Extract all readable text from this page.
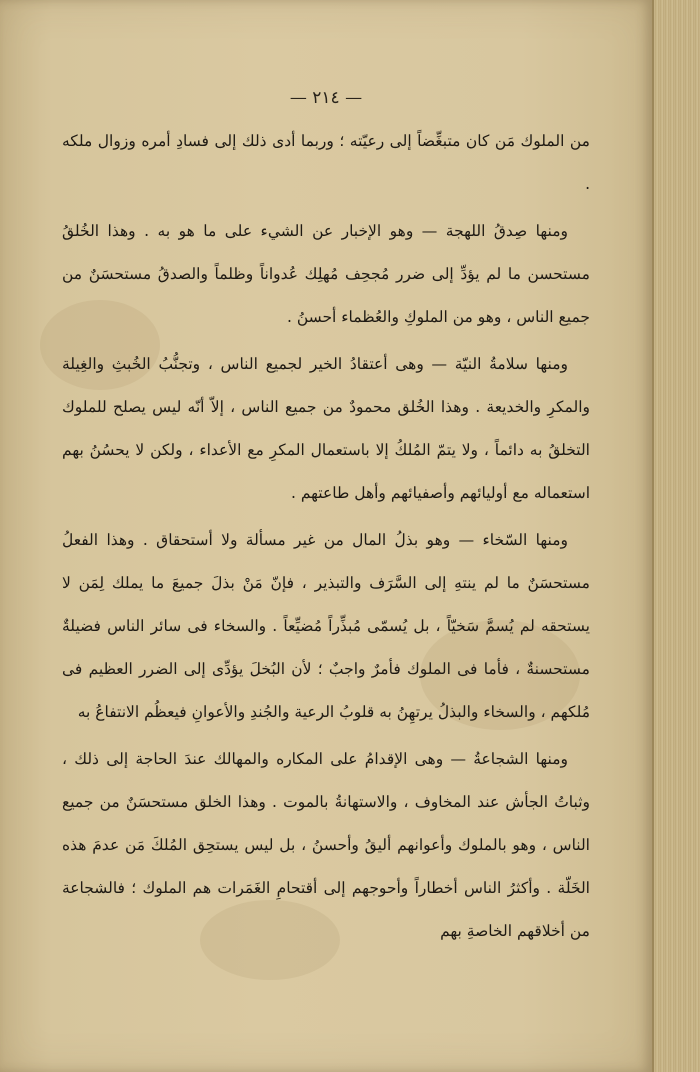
— ٢١٤ —

من الملوك مَن كان متبغِّضاً إلى رعيّته ؛ وربما أدى ذلك إلى فسادِ أمره وزوال ملكه .

ومنها صِدقُ اللهجة — وهو الإخبار عن الشيء على ما هو به . وهذا الخُلقُ مستحسن ما لم يؤدِّ إلى ضرر مُجحِف مُهلِك عُدواناً وظلماً والصدقُ مستحسَنٌ من جميع الناس ، وهو من الملوكِ والعُظماء أحسنُ .

ومنها سلامةُ النيّة — وهى أعتقادُ الخير لجميع الناس ، وتجنُّبُ الخُبثِ والغِيلة والمكرِ والخديعة . وهذا الخُلق محمودٌ من جميع الناس ، إلاّ أنّه ليس يصلح للملوك التخلقُ به دائماً ، ولا يتمّ المُلكُ إلا باستعمال المكرِ مع الأعداء ، ولكن لا يحسُنُ بهم استعماله مع أوليائهم وأصفيائهم وأهل طاعتهم .

ومنها السّخاء — وهو بذلُ المال من غير مسألة ولا أستحقاق . وهذا الفعلُ مستحسَنٌ ما لم ينتهِ إلى السَّرَف والتبذير ، فإنّ مَنْ بذلَ جميعَ ما يملك لِمَن لا يستحقه لم يُسمَّ سَخيّاً ، بل يُسمّى مُبذِّراً مُضيِّعاً . والسخاء فى سائر الناس فضيلةٌ مستحسنةٌ ، فأما فى الملوك فأمرٌ واجبٌ ؛ لأن البُخلَ يؤدِّى إلى الضرر العظيم فى مُلكهم ، والسخاء والبذلُ يرتهِنُ به قلوبُ الرعية والجُندِ والأعوانِ فيعظُم الانتفاعُ به

ومنها الشجاعةُ — وهى الإقدامُ على المكاره والمهالك عندَ الحاجة إلى ذلك ، وثباتُ الجأش عند المخاوف ، والاستهانةُ بالموت . وهذا الخلق مستحسَنٌ من جميع الناس ، وهو بالملوك وأعوانهم أليقُ وأحسنُ ، بل ليس يستحِق المُلكَ مَن عدمَ هذه الخَلّة . وأكثرُ الناس أخطاراً وأحوجهم إلى أقتحامِ الغَمَرات هم الملوك ؛ فالشجاعة من أخلاقهم الخاصةِ بهم
